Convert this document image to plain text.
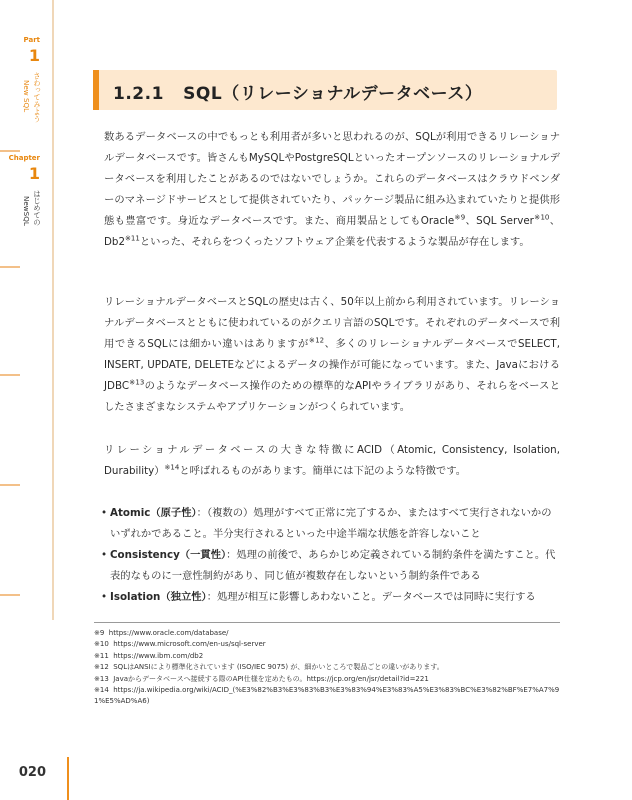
Part
1
さわってみよう
New SQL
Chapter
1
はじめての
NewSQL
1.2.1 SQL（リレーショナルデータベース）

数あるデータベースの中でもっとも利用者が多いと思われるのが、SQLが利用できるリレーショナルデータベースです。皆さんもMySQLやPostgreSQLといったオープンソースのリレーショナルデータベースを利用したことがあるのではないでしょうか。これらのデータベースはクラウドベンダーのマネージドサービスとして提供されていたり、パッケージ製品に組み込まれていたりと提供形態も豊富です。身近なデータベースです。また、商用製品としてもOracle$^{※9}$、SQL Server$^{※10}$、Db2$^{※11}$といった、それらをつくったソフトウェア企業を代表するような製品が存在します。

リレーショナルデータベースとSQLの歴史は古く、50年以上前から利用されています。リレーショナルデータベースとともに使われているのがクエリ言語のSQLです。それぞれのデータベースで利用できるSQLには細かい違いはありますが$^{※12}$、多くのリレーショナルデータベースでSELECT, INSERT, UPDATE, DELETEなどによるデータの操作が可能になっています。また、JavaにおけるJDBC$^{※13}$のようなデータベース操作のための標準的なAPIやライブラリがあり、それらをベースとしたさまざまなシステムやアプリケーションがつくられています。

リレーショナルデータベースの大きな特徴にACID（Atomic, Consistency, Isolation, Durability）$^{※14}$と呼ばれるものがあります。簡単には下記のような特徴です。

• Atomic（原子性）：（複数の）処理がすべて正常に完了するか、またはすべて実行されないかのいずれかであること。半分実行されるといった中途半端な状態を許容しないこと
• Consistency（一貫性）：処理の前後で、あらかじめ定義されている制約条件を満たすこと。代表的なものに一意性制約があり、同じ値が複数存在しないという制約条件である
• Isolation（独立性）：処理が相互に影響しあわないこと。データベースでは同時に実行する
※9 https://www.oracle.com/database/
※10 https://www.microsoft.com/en-us/sql-server
※11 https://www.ibm.com/db2
※12 SQLはANSIにより標準化されています (ISO/IEC 9075) が、細かいところで製品ごとの違いがあります。
※13 Javaからデータベースへ接続する際のAPI仕様を定めたもの。https://jcp.org/en/jsr/detail?id=221
※14 https://ja.wikipedia.org/wiki/ACID_(%E3%82%B3%E3%83%B3%E3%83%94%E3%83%A5%E3%83%BC%E3%82%BF%E7%A7%91%E5%AD%A6)
020
